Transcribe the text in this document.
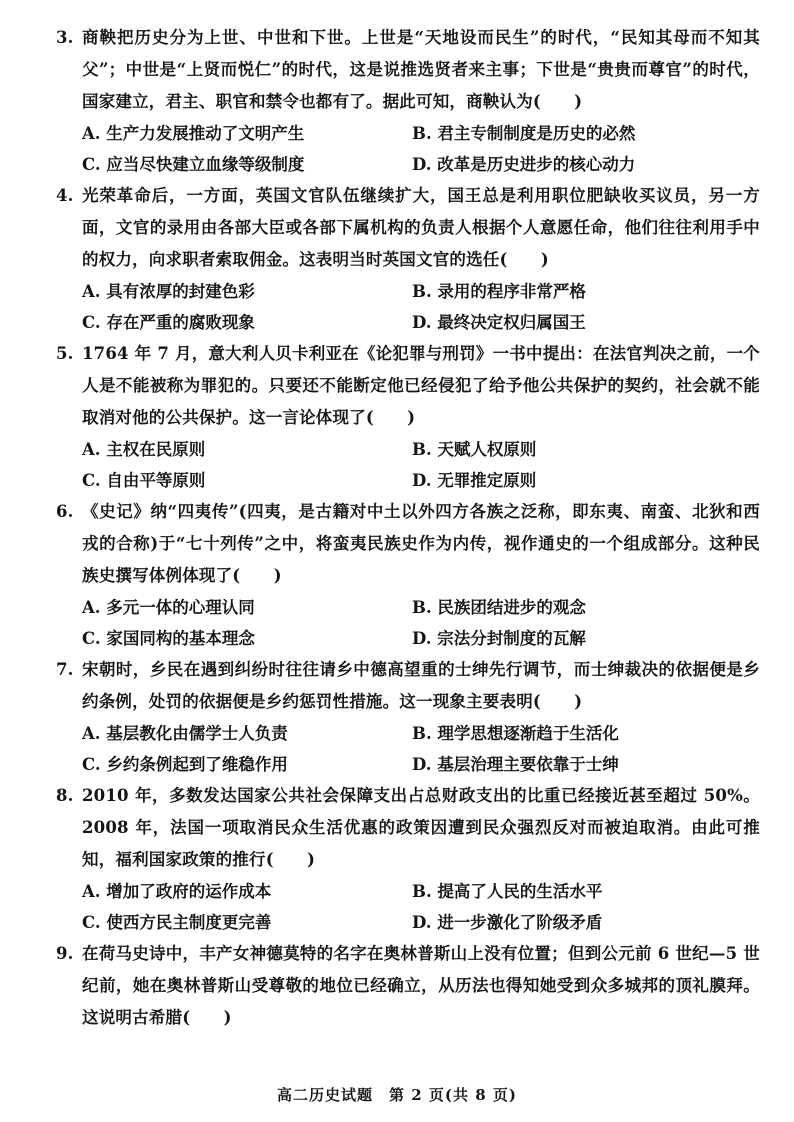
3. 商鞅把历史分为上世、中世和下世。上世是“天地设而民生”的时代，“民知其母而不知其父”；中世是“上贤而悦仁”的时代，这是说推选贤者来主事；下世是“贵贵而尊官”的时代，国家建立，君主、职官和禁令也都有了。据此可知，商鞅认为(　　)
A. 生产力发展推动了文明产生	B. 君主专制制度是历史的必然
C. 应当尽快建立血缘等级制度	D. 改革是历史进步的核心动力
4. 光荣革命后，一方面，英国文官队伍继续扩大，国王总是利用职位肥缺收买议员，另一方面，文官的录用由各部大臣或各部下属机构的负责人根据个人意愿任命，他们往往利用手中的权力，向求职者索取佣金。这表明当时英国文官的选任(　　)
A. 具有浓厚的封建色彩	B. 录用的程序非常严格
C. 存在严重的腐败现象	D. 最终决定权归属国王
5. 1764 年 7 月，意大利人贝卡利亚在《论犯罪与刑罚》一书中提出：在法官判决之前，一个人是不能被称为罪犯的。只要还不能断定他已经侵犯了给予他公共保护的契约，社会就不能取消对他的公共保护。这一言论体现了(　　)
A. 主权在民原则	B. 天赋人权原则
C. 自由平等原则	D. 无罪推定原则
6. 《史记》纳“四夷传”(四夷，是古籍对中土以外四方各族之泛称，即东夷、南蛮、北狄和西戎的合称)于“七十列传”之中，将蛮夷民族史作为内传，视作通史的一个组成部分。这种民族史撰写体例体现了(　　)
A. 多元一体的心理认同	B. 民族团结进步的观念
C. 家国同构的基本理念	D. 宗法分封制度的瓦解
7. 宋朝时，乡民在遇到纠纷时往往请乡中德高望重的士绅先行调节，而士绅裁决的依据便是乡约条例，处罚的依据便是乡约惩罚性措施。这一现象主要表明(　　)
A. 基层教化由儒学士人负责	B. 理学思想逐渐趋于生活化
C. 乡约条例起到了维稳作用	D. 基层治理主要依靠于士绅
8. 2010 年，多数发达国家公共社会保障支出占总财政支出的比重已经接近甚至超过 50%。2008 年，法国一项取消民众生活优惠的政策因遭到民众强烈反对而被迫取消。由此可推知，福利国家政策的推行(　　)
A. 增加了政府的运作成本	B. 提高了人民的生活水平
C. 使西方民主制度更完善	D. 进一步激化了阶级矛盾
9. 在荷马史诗中，丰产女神德莫特的名字在奥林普斯山上没有位置；但到公元前 6 世纪—5 世纪前，她在奥林普斯山受尊敬的地位已经确立，从历法也得知她受到众多城邦的顶礼膜拜。这说明古希腊(　　)
高二历史试题　第 2 页(共 8 页)
